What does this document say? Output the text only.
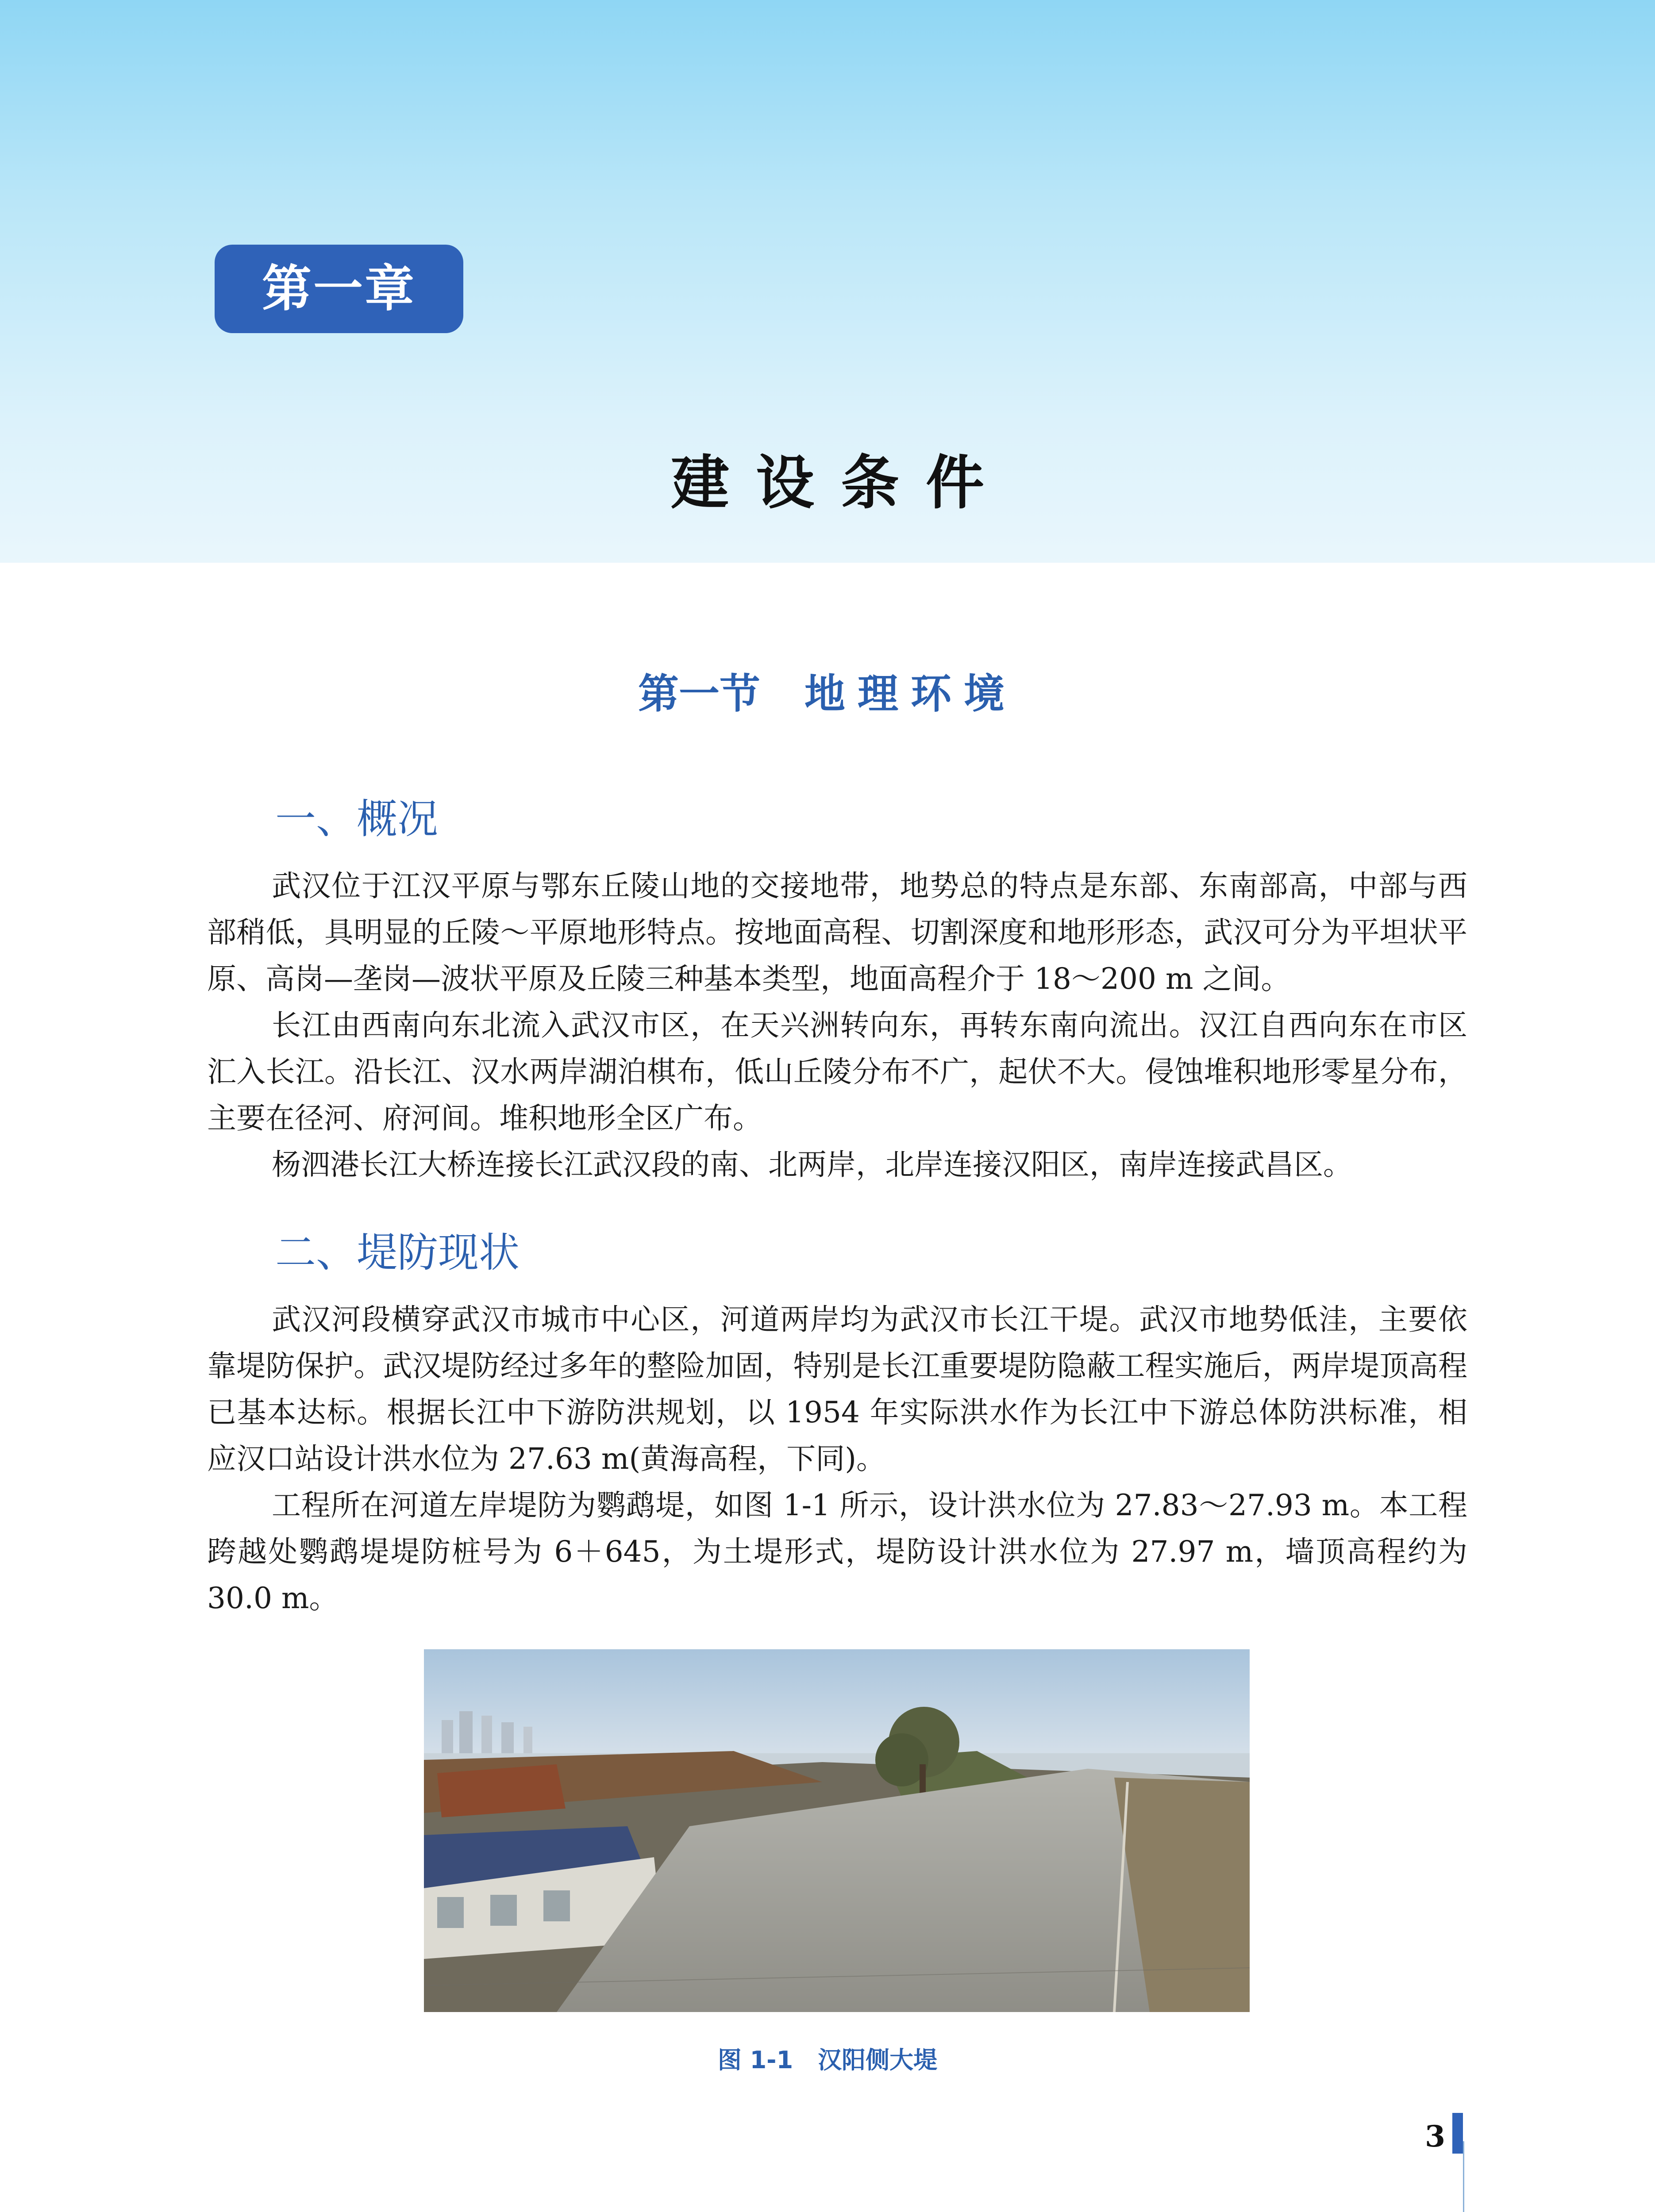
第一章
建设条件
第一节 地理环境
一、概况

武汉位于江汉平原与鄂东丘陵山地的交接地带，地势总的特点是东部、东南部高，中部与西部稍低，具明显的丘陵～平原地形特点。按地面高程、切割深度和地形形态，武汉可分为平坦状平原、高岗—垄岗—波状平原及丘陵三种基本类型，地面高程介于 18～200 m 之间。

长江由西南向东北流入武汉市区，在天兴洲转向东，再转东南向流出。汉江自西向东在市区汇入长江。沿长江、汉水两岸湖泊棋布，低山丘陵分布不广，起伏不大。侵蚀堆积地形零星分布，主要在径河、府河间。堆积地形全区广布。

杨泗港长江大桥连接长江武汉段的南、北两岸，北岸连接汉阳区，南岸连接武昌区。

二、堤防现状

武汉河段横穿武汉市城市中心区，河道两岸均为武汉市长江干堤。武汉市地势低洼，主要依靠堤防保护。武汉堤防经过多年的整险加固，特别是长江重要堤防隐蔽工程实施后，两岸堤顶高程已基本达标。根据长江中下游防洪规划，以 1954 年实际洪水作为长江中下游总体防洪标准，相应汉口站设计洪水位为 27.63 m(黄海高程，下同)。

工程所在河道左岸堤防为鹦鹉堤，如图 1-1 所示，设计洪水位为 27.83～27.93 m。本工程跨越处鹦鹉堤堤防桩号为 6＋645，为土堤形式，堤防设计洪水位为 27.97 m，墙顶高程约为 30.0 m。

图 1-1 汉阳侧大堤
3
